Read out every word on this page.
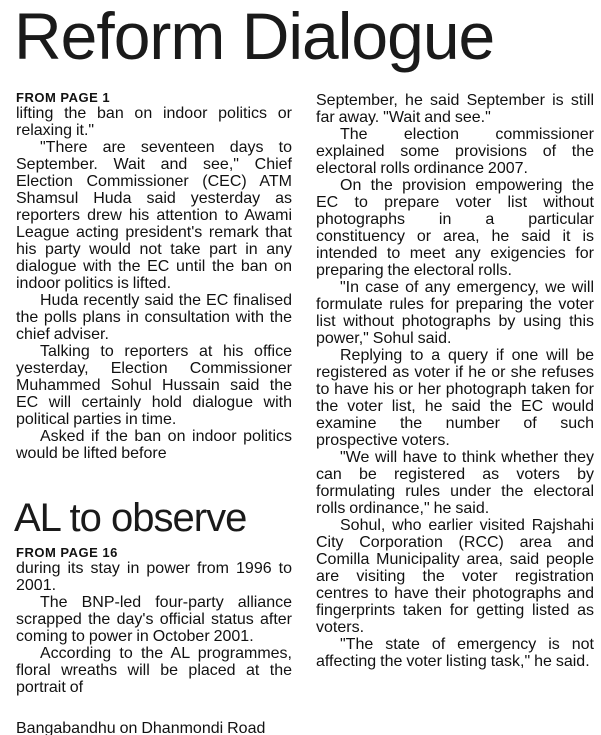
Reform Dialogue
FROM PAGE 1

lifting the ban on indoor politics or relaxing it."

"There are seventeen days to September. Wait and see," Chief Election Commissioner (CEC) ATM Shamsul Huda said yesterday as reporters drew his attention to Awami League acting president's remark that his party would not take part in any dialogue with the EC until the ban on indoor politics is lifted.

Huda recently said the EC finalised the polls plans in consultation with the chief adviser.

Talking to reporters at his office yesterday, Election Commissioner Muhammed Sohul Hussain said the EC will certainly hold dialogue with political parties in time.

Asked if the ban on indoor politics would be lifted before

September, he said September is still far away. "Wait and see."

The election commissioner explained some provisions of the electoral rolls ordinance 2007.

On the provision empowering the EC to prepare voter list without photographs in a particular constituency or area, he said it is intended to meet any exigencies for preparing the electoral rolls.

"In case of any emergency, we will formulate rules for preparing the voter list without photographs by using this power," Sohul said.

Replying to a query if one will be registered as voter if he or she refuses to have his or her photograph taken for the voter list, he said the EC would examine the number of such prospective voters.

"We will have to think whether they can be registered as voters by formulating rules under the electoral rolls ordinance," he said.

Sohul, who earlier visited Rajshahi City Corporation (RCC) area and Comilla Municipality area, said people are visiting the voter registration centres to have their photographs and fingerprints taken for getting listed as voters.

"The state of emergency is not affecting the voter listing task," he said.

AL to observe
FROM PAGE 16

during its stay in power from 1996 to 2001.

The BNP-led four-party alliance scrapped the day's official status after coming to power in October 2001.

According to the AL programmes, floral wreaths will be placed at the portrait of

Bangabandhu on Dhanmondi Road
